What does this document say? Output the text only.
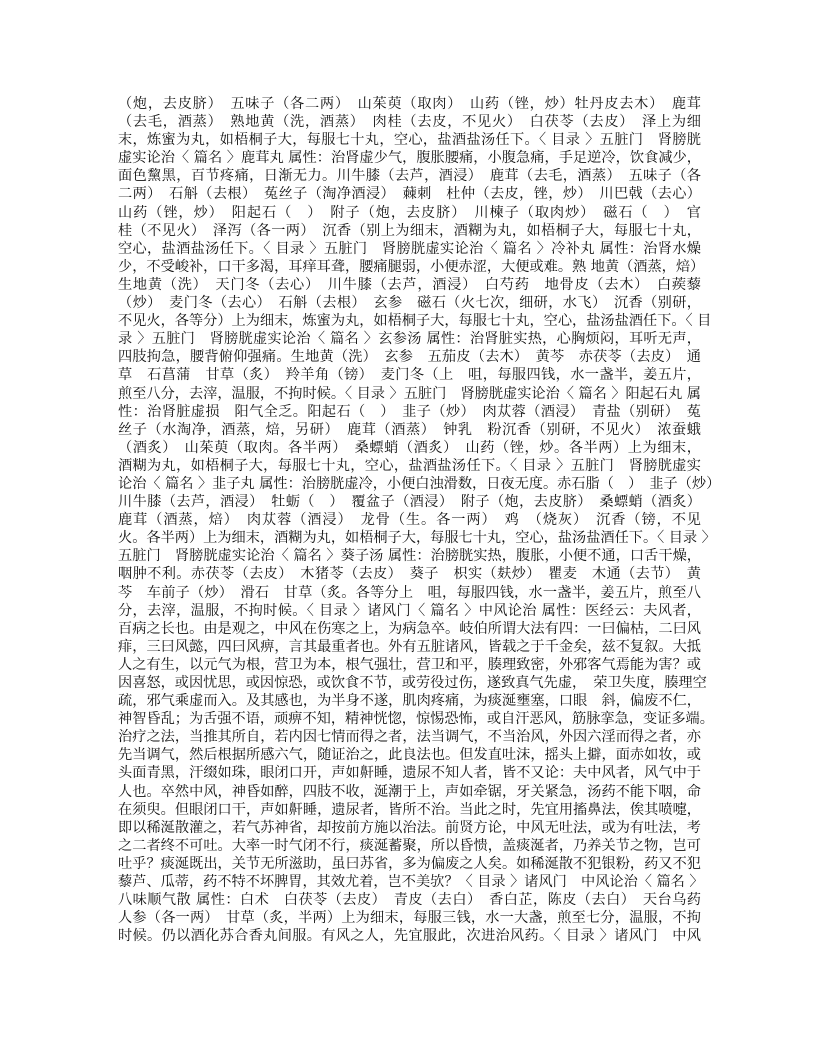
（炮，去皮脐）　五味子（各二两）　山茱萸（取肉）　山药（锉，炒）牡丹皮去木）　鹿茸
（去毛，酒蒸）　熟地黄（洗，酒蒸）　肉桂（去皮，不见火）　白茯苓（去皮）　泽上为细
末，炼蜜为丸，如梧桐子大，每服七十丸，空心，盐酒盐汤任下。〈 目录 〉五脏门　肾膀胱
虚实论治〈 篇名 〉鹿茸丸 属性：治肾虚少气，腹胀腰痛，小腹急痛，手足逆冷，饮食减少，
面色黧黑，百节疼痛，日渐无力。川牛膝（去芦，酒浸）　鹿茸（去毛，酒蒸）　五味子（各
二两）　石斛（去根）　菟丝子（淘净酒浸）　蕀刺　杜仲（去皮，锉，炒）　川巴戟（去心）
山药（锉，炒）　阳起石（　）　附子（炮，去皮脐）　川楝子（取肉炒）　磁石（　）　官
桂（不见火）　泽泻（各一两）　沉香（别上为细末，酒糊为丸，如梧桐子大，每服七十丸，
空心，盐酒盐汤任下。〈 目录 〉五脏门　肾膀胱虚实论治〈 篇名 〉冷补丸 属性：治肾水燥
少，不受峻补，口干多渴，耳痒耳聋，腰痛腿弱，小便赤涩，大便或难。熟 地黄（酒蒸，焙）
生地黄（洗）　天门冬（去心）　川牛膝（去芦，酒浸）　白芍药　地骨皮（去木）　白蒺藜
（炒）　麦门冬（去心）　石斛（去根）　玄参　磁石（火七次，细研，水飞）　沉香（别研，
不见火，各等分）上为细末，炼蜜为丸，如梧桐子大，每服七十丸，空心，盐汤盐酒任下。〈 目
录 〉五脏门　肾膀胱虚实论治〈 篇名 〉玄参汤 属性：治肾脏实热，心胸烦闷，耳听无声，
四肢拘急，腰背俯仰强痛。生地黄（洗）　玄参　五茄皮（去木）　黄芩　赤茯苓（去皮）　通
草　石菖蒲　甘草（炙）　羚羊角（镑）　麦门冬（上　咀，每服四钱，水一盏半，姜五片，
煎至八分，去滓，温服，不拘时候。〈 目录 〉五脏门　肾膀胱虚实论治〈 篇名 〉阳起石丸 属
性：治肾脏虚损　阳气全乏。阳起石（　）　韭子（炒）　肉苁蓉（酒浸）　青盐（别研）　菟
丝子（水淘净，酒蒸，焙，另研）　鹿茸（酒蒸）　钟乳　粉沉香（别研，不见火）　浓蚕蛾
（酒炙）　山茱萸（取肉。各半两）　桑螵蛸（酒炙）　山药（锉，炒。各半两）上为细末，
酒糊为丸，如梧桐子大，每服七十丸，空心，盐酒盐汤任下。〈 目录 〉五脏门　肾膀胱虚实
论治〈 篇名 〉韭子丸 属性：治膀胱虚冷，小便白浊滑数，日夜无度。赤石脂（　）　韭子（炒）
川牛膝（去芦，酒浸）　牡蛎（　）　覆盆子（酒浸）　附子（炮，去皮脐）　桑螵蛸（酒炙）
鹿茸（酒蒸，焙）　肉苁蓉（酒浸）　龙骨（生。各一两）　鸡　（烧灰）　沉香（镑，不见
火。各半两）上为细末，酒糊为丸，如梧桐子大，每服七十丸，空心，盐汤盐酒任下。〈 目录 〉
五脏门　肾膀胱虚实论治〈 篇名 〉葵子汤 属性：治膀胱实热，腹胀，小便不通，口舌干燥，
咽肿不利。赤茯苓（去皮）　木猪苓（去皮）　葵子　枳实（麸炒）　瞿麦　木通（去节）　黄
芩　车前子（炒）　滑石　甘草（炙。各等分上　咀，每服四钱，水一盏半，姜五片，煎至八
分，去滓，温服，不拘时候。〈 目录 〉诸风门〈 篇名 〉中风论治 属性：医经云：夫风者，
百病之长也。由是观之，中风在伤寒之上，为病急卒。岐伯所谓大法有四：一曰偏枯，二曰风
痱，三曰风懿，四曰风痹，言其最重者也。外有五脏诸风，皆载之于千金矣，兹不复叙。大抵
人之有生，以元气为根，营卫为本，根气强壮，营卫和平，腠理致密，外邪客气焉能为害？或
因喜怒，或因忧思，或因惊恐，或饮食不节，或劳役过伤，遂致真气先虚，　荣卫失度，腠理空
疏，邪气乘虚而入。及其感也，为半身不遂，肌肉疼痛，为痰涎壅塞，口眼　斜，偏废不仁，
神智昏乱；为舌强不语，顽痹不知，精神恍惚，惊惕恐怖，或自汗恶风，筋脉挛急，变证多端。
治疗之法，当推其所自，若内因七情而得之者，法当调气，不当治风，外因六淫而得之者，亦
先当调气，然后根据所感六气，随证治之，此良法也。但发直吐沫，摇头上擗，面赤如妆，或
头面青黑，汗缀如珠，眼闭口开，声如鼾睡，遗尿不知人者，皆不又论：夫中风者，风气中于
人也。卒然中风，神昏如醉，四肢不收，涎潮于上，声如牵锯，牙关紧急，汤药不能下咽，命
在须臾。但眼闭口干，声如鼾睡，遗尿者，皆所不治。当此之时，先宜用搐鼻法，俟其喷嚏，
即以稀涎散灌之，若气苏神省，却按前方施以治法。前贤方论，中风无吐法，或为有吐法，考
之二者终不可吐。大率一时气闭不行，痰涎蓄聚，所以昏愦，盖痰涎者，乃养关节之物，岂可
吐乎？痰涎既出，关节无所滋助，虽曰苏省，多为偏废之人矣。如稀涎散不犯银粉，药又不犯
藜芦、瓜蒂，药不特不坏脾胃，其效尤着，岂不美欤？〈 目录 〉诸风门　中风论治〈 篇名 〉
八味顺气散 属性：白术　白茯苓（去皮）　青皮（去白）　香白芷，陈皮（去白）　天台乌药
人参（各一两）　甘草（炙，半两）上为细末，每服三钱，水一大盏，煎至七分，温服，不拘
时候。仍以酒化苏合香丸间服。有风之人，先宜服此，次进治风药。〈 目录 〉诸风门　中风
